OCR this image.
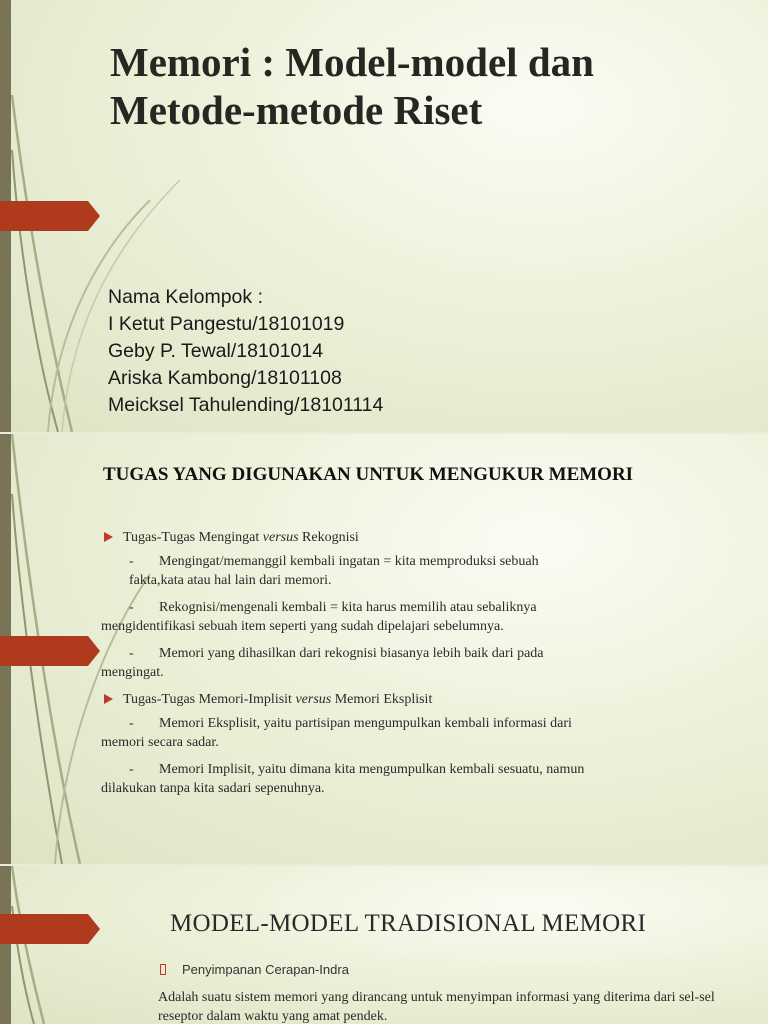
Memori : Model-model dan
Metode-metode Riset
Nama Kelompok :
I Ketut Pangestu/18101019
Geby P. Tewal/18101014
Ariska Kambong/18101108
Meicksel Tahulending/18101114
TUGAS YANG DIGUNAKAN UNTUK MENGUKUR MEMORI
Tugas-Tugas Mengingat versus Rekognisi
- Mengingat/memanggil kembali ingatan = kita memproduksi sebuah
fakta,kata atau hal lain dari memori.
- Rekognisi/mengenali kembali = kita harus memilih atau sebaliknya
mengidentifikasi sebuah item seperti yang sudah dipelajari sebelumnya.
- Memori yang dihasilkan dari rekognisi biasanya lebih baik dari pada
mengingat.
Tugas-Tugas Memori-Implisit versus Memori Eksplisit
- Memori Eksplisit, yaitu partisipan mengumpulkan kembali informasi dari
memori secara sadar.
- Memori Implisit, yaitu dimana kita mengumpulkan kembali sesuatu, namun
dilakukan tanpa kita sadari sepenuhnya.
MODEL-MODEL TRADISIONAL MEMORI
Penyimpanan Cerapan-Indra
Adalah suatu sistem memori yang dirancang untuk menyimpan informasi yang diterima dari sel-sel reseptor dalam waktu yang amat pendek.
